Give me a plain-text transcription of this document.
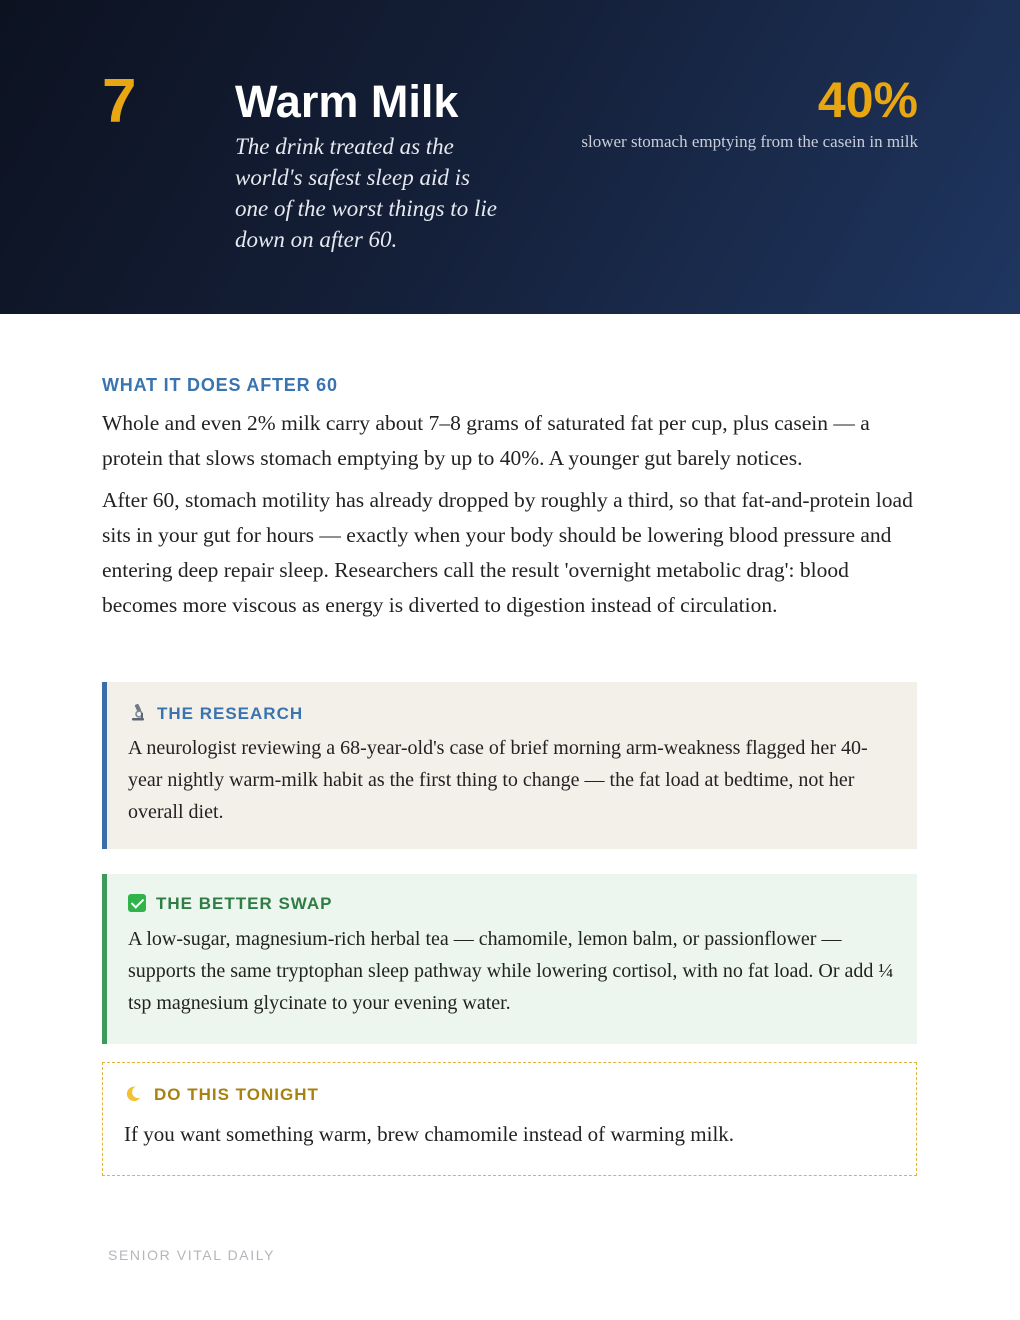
7 Warm Milk
The drink treated as the world's safest sleep aid is one of the worst things to lie down on after 60.
40%
slower stomach emptying from the casein in milk
WHAT IT DOES AFTER 60

Whole and even 2% milk carry about 7–8 grams of saturated fat per cup, plus casein — a protein that slows stomach emptying by up to 40%. A younger gut barely notices.

After 60, stomach motility has already dropped by roughly a third, so that fat-and-protein load sits in your gut for hours — exactly when your body should be lowering blood pressure and entering deep repair sleep. Researchers call the result 'overnight metabolic drag': blood becomes more viscous as energy is diverted to digestion instead of circulation.

THE RESEARCH
A neurologist reviewing a 68-year-old's case of brief morning arm-weakness flagged her 40-year nightly warm-milk habit as the first thing to change — the fat load at bedtime, not her overall diet.
THE BETTER SWAP
A low-sugar, magnesium-rich herbal tea — chamomile, lemon balm, or passionflower — supports the same tryptophan sleep pathway while lowering cortisol, with no fat load. Or add ¼ tsp magnesium glycinate to your evening water.
DO THIS TONIGHT
If you want something warm, brew chamomile instead of warming milk.
SENIOR VITAL DAILY
